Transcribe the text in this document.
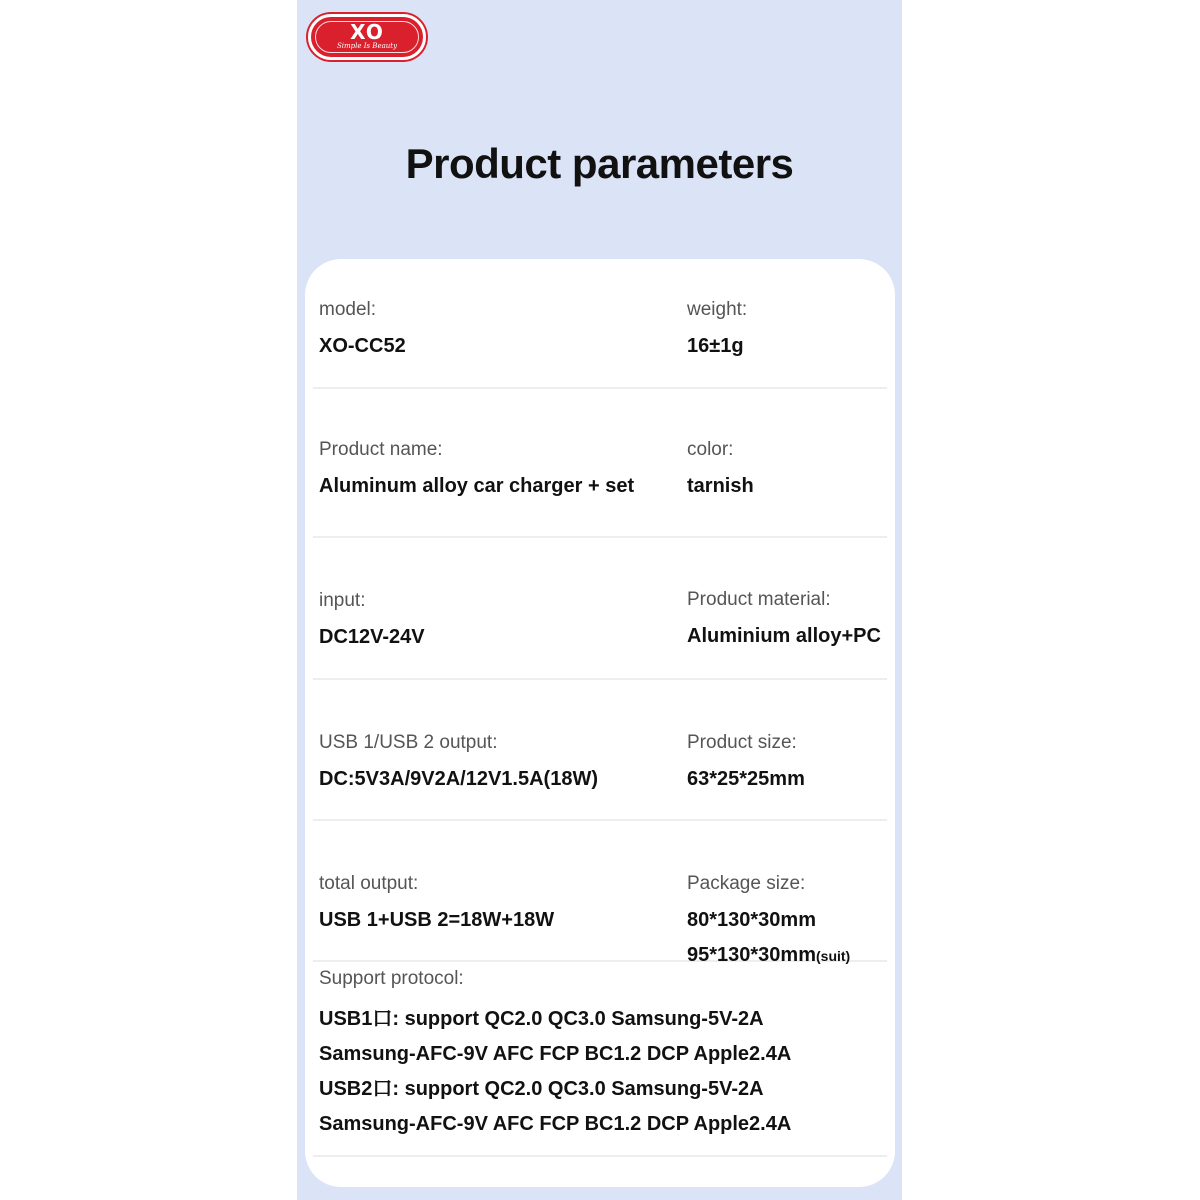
XO
Simple Is Beauty
Product parameters
model:
XO-CC52
weight:
16±1g
Product name:
Aluminum alloy car charger + set
color:
tarnish
input:
DC12V-24V
Product material:
Aluminium alloy+PC
USB 1/USB 2 output:
DC:5V3A/9V2A/12V1.5A(18W)
Product size:
63*25*25mm
total output:
USB 1+USB 2=18W+18W
Package size:
80*130*30mm
95*130*30mm(suit)
Support protocol:
USB1口: support QC2.0 QC3.0 Samsung-5V-2A
Samsung-AFC-9V AFC FCP BC1.2 DCP Apple2.4A
USB2口: support QC2.0 QC3.0 Samsung-5V-2A
Samsung-AFC-9V AFC FCP BC1.2 DCP Apple2.4A
